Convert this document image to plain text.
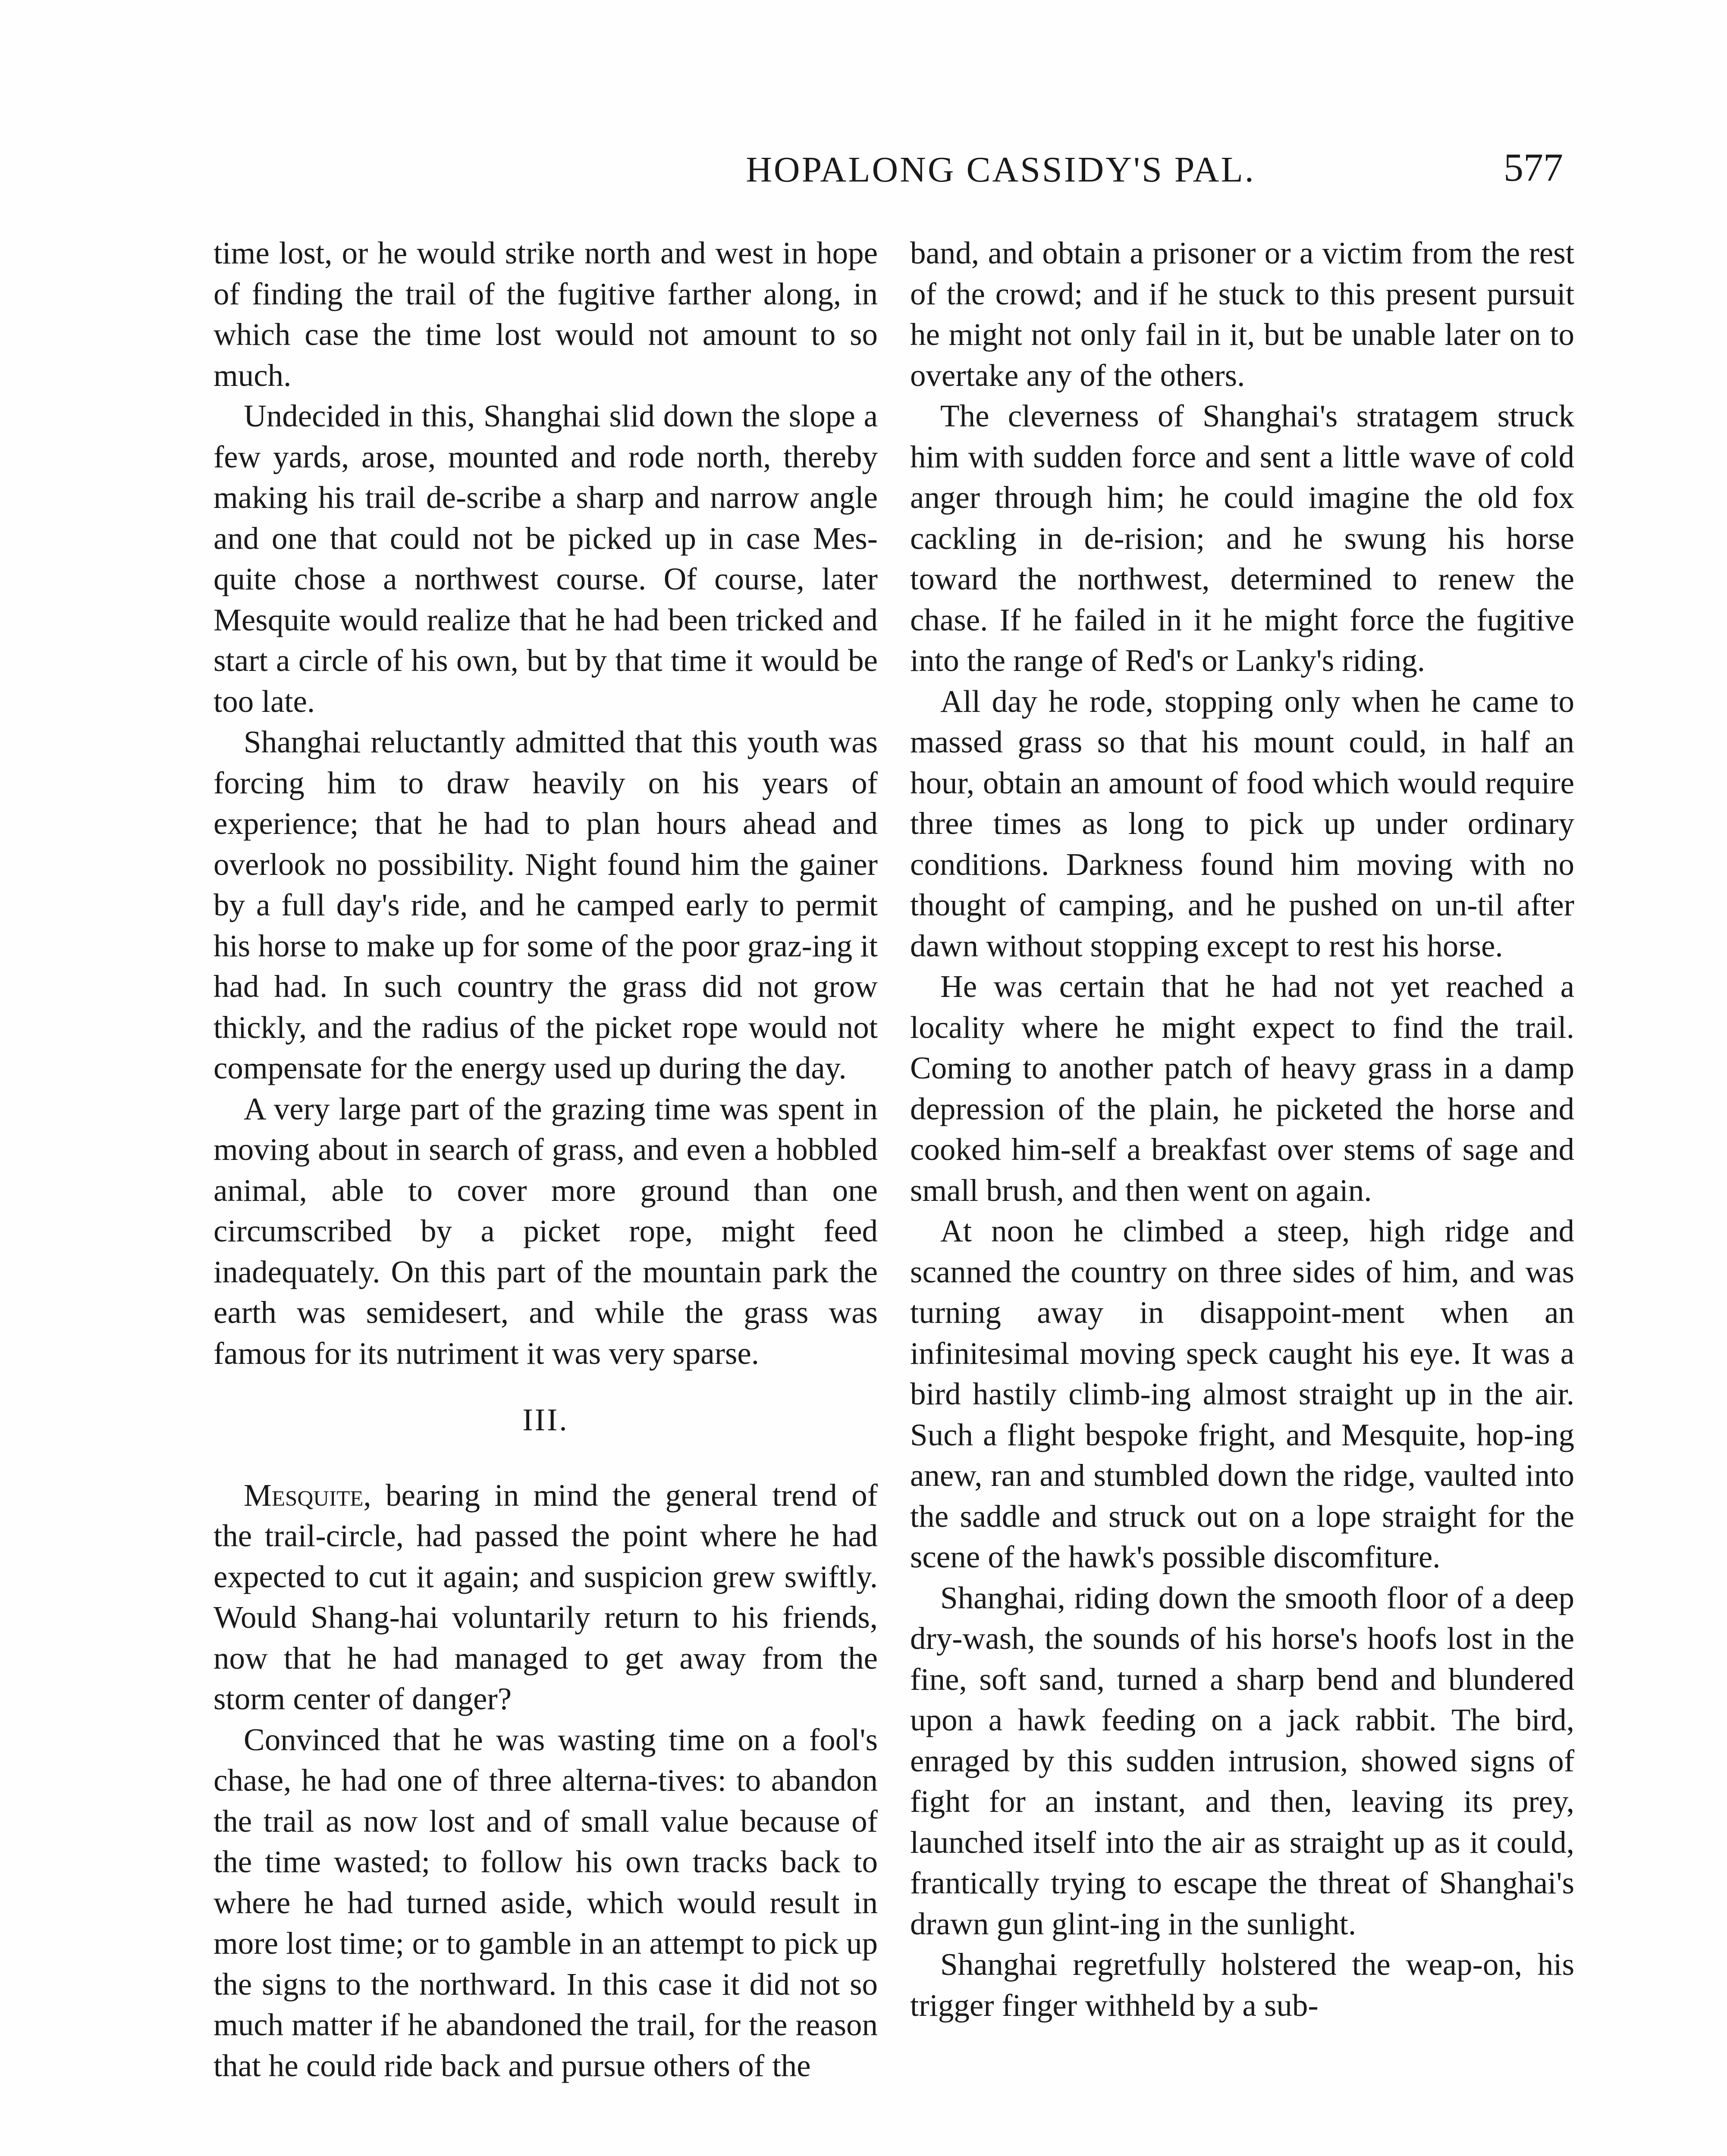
HOPALONG CASSIDY'S PAL.	577

time lost, or he would strike north and west in hope of finding the trail of the fugitive farther along, in which case the time lost would not amount to so much.

Undecided in this, Shanghai slid down the slope a few yards, arose, mounted and rode north, thereby making his trail de-scribe a sharp and narrow angle and one that could not be picked up in case Mes-quite chose a northwest course. Of course, later Mesquite would realize that he had been tricked and start a circle of his own, but by that time it would be too late.

Shanghai reluctantly admitted that this youth was forcing him to draw heavily on his years of experience; that he had to plan hours ahead and overlook no possibility. Night found him the gainer by a full day's ride, and he camped early to permit his horse to make up for some of the poor graz-ing it had had. In such country the grass did not grow thickly, and the radius of the picket rope would not compensate for the energy used up during the day.

A very large part of the grazing time was spent in moving about in search of grass, and even a hobbled animal, able to cover more ground than one circumscribed by a picket rope, might feed inadequately. On this part of the mountain park the earth was semidesert, and while the grass was famous for its nutriment it was very sparse.

III.

Mesquite, bearing in mind the general trend of the trail-circle, had passed the point where he had expected to cut it again; and suspicion grew swiftly. Would Shang-hai voluntarily return to his friends, now that he had managed to get away from the storm center of danger?

Convinced that he was wasting time on a fool's chase, he had one of three alterna-tives: to abandon the trail as now lost and of small value because of the time wasted; to follow his own tracks back to where he had turned aside, which would result in more lost time; or to gamble in an attempt to pick up the signs to the northward. In this case it did not so much matter if he abandoned the trail, for the reason that he could ride back and pursue others of the

band, and obtain a prisoner or a victim from the rest of the crowd; and if he stuck to this present pursuit he might not only fail in it, but be unable later on to overtake any of the others.

The cleverness of Shanghai's stratagem struck him with sudden force and sent a little wave of cold anger through him; he could imagine the old fox cackling in de-rision; and he swung his horse toward the northwest, determined to renew the chase. If he failed in it he might force the fugitive into the range of Red's or Lanky's riding.

All day he rode, stopping only when he came to massed grass so that his mount could, in half an hour, obtain an amount of food which would require three times as long to pick up under ordinary conditions. Darkness found him moving with no thought of camping, and he pushed on un-til after dawn without stopping except to rest his horse.

He was certain that he had not yet reached a locality where he might expect to find the trail. Coming to another patch of heavy grass in a damp depression of the plain, he picketed the horse and cooked him-self a breakfast over stems of sage and small brush, and then went on again.

At noon he climbed a steep, high ridge and scanned the country on three sides of him, and was turning away in disappoint-ment when an infinitesimal moving speck caught his eye. It was a bird hastily climb-ing almost straight up in the air. Such a flight bespoke fright, and Mesquite, hop-ing anew, ran and stumbled down the ridge, vaulted into the saddle and struck out on a lope straight for the scene of the hawk's possible discomfiture.

Shanghai, riding down the smooth floor of a deep dry-wash, the sounds of his horse's hoofs lost in the fine, soft sand, turned a sharp bend and blundered upon a hawk feeding on a jack rabbit. The bird, enraged by this sudden intrusion, showed signs of fight for an instant, and then, leaving its prey, launched itself into the air as straight up as it could, frantically trying to escape the threat of Shanghai's drawn gun glint-ing in the sunlight.

Shanghai regretfully holstered the weap-on, his trigger finger withheld by a sub-
